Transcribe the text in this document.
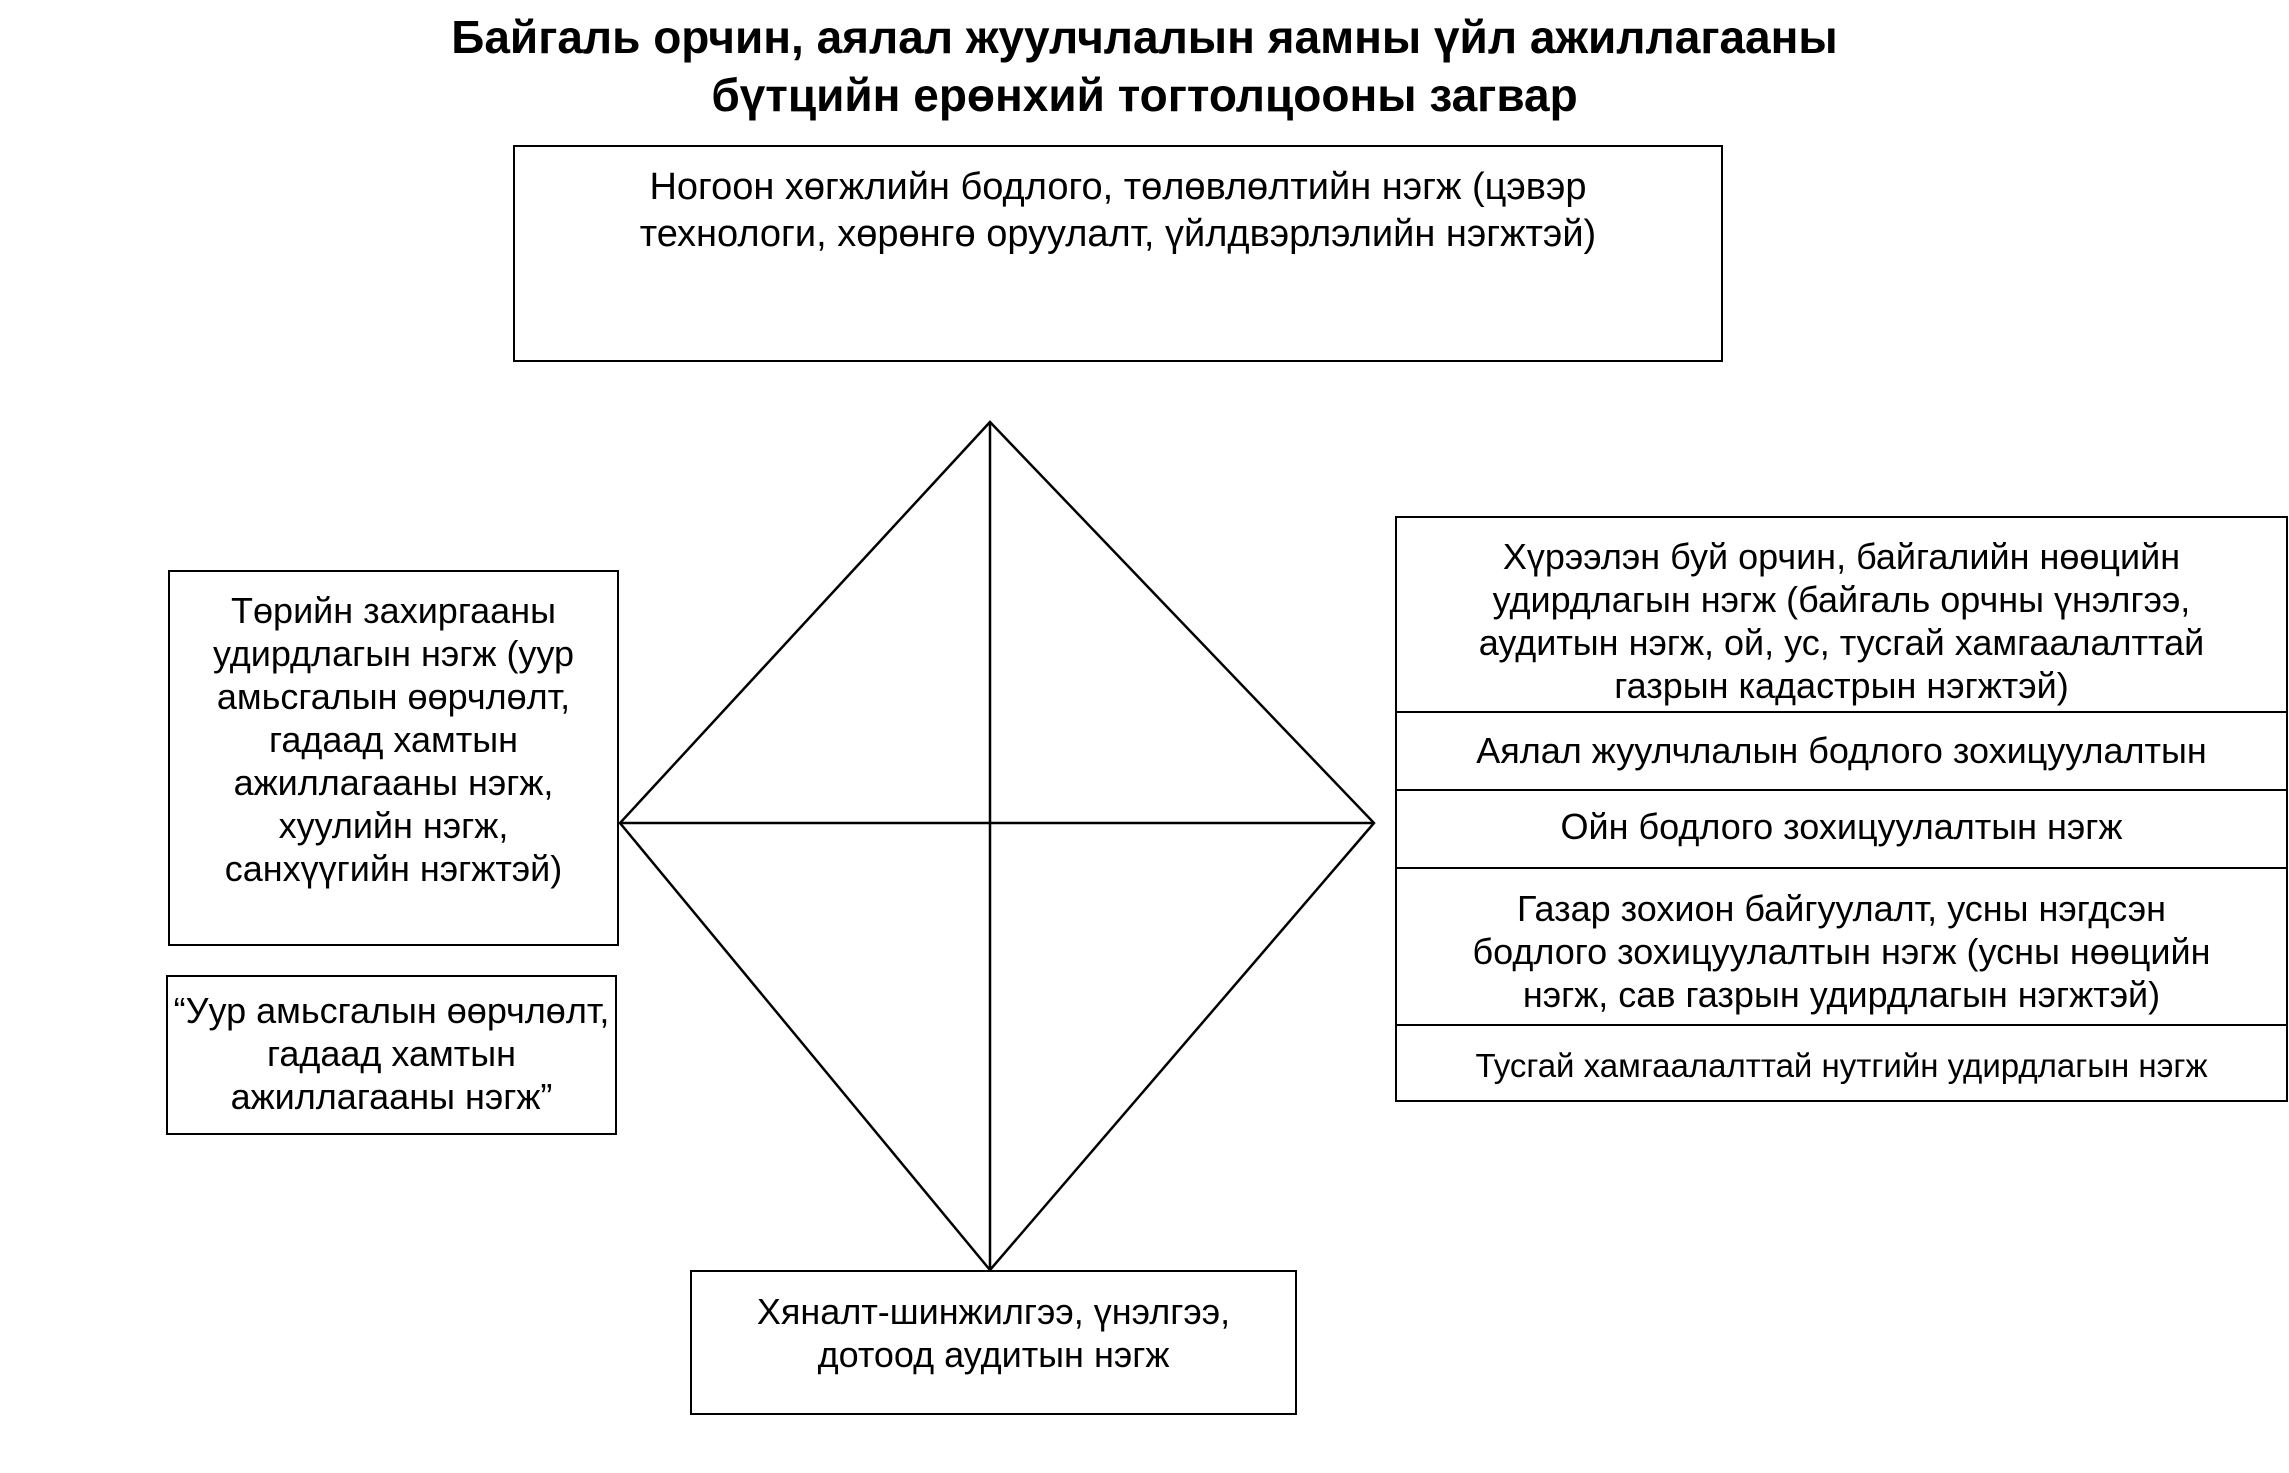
Байгаль орчин, аялал жуулчлалын яамны үйл ажиллагааны
бүтцийн ерөнхий тогтолцооны загвар
Ногоон хөгжлийн бодлого, төлөвлөлтийн нэгж (цэвэр
технологи, хөрөнгө оруулалт, үйлдвэрлэлийн нэгжтэй)
Төрийн захиргааны
удирдлагын нэгж (уур
амьсгалын өөрчлөлт,
гадаад хамтын
ажиллагааны нэгж,
хуулийн нэгж,
санхүүгийн нэгжтэй)
“Уур амьсгалын өөрчлөлт,
гадаад хамтын
ажиллагааны нэгж”
Хүрээлэн буй орчин, байгалийн нөөцийн
удирдлагын нэгж (байгаль орчны үнэлгээ,
аудитын нэгж, ой, ус, тусгай хамгаалалттай
газрын кадастрын нэгжтэй)
Аялал жуулчлалын бодлого зохицуулалтын
Ойн бодлого зохицуулалтын нэгж
Газар зохион байгуулалт, усны нэгдсэн
бодлого зохицуулалтын нэгж (усны нөөцийн
нэгж, сав газрын удирдлагын нэгжтэй)
Тусгай хамгаалалттай нутгийн удирдлагын нэгж
Хяналт-шинжилгээ, үнэлгээ,
дотоод аудитын нэгж
